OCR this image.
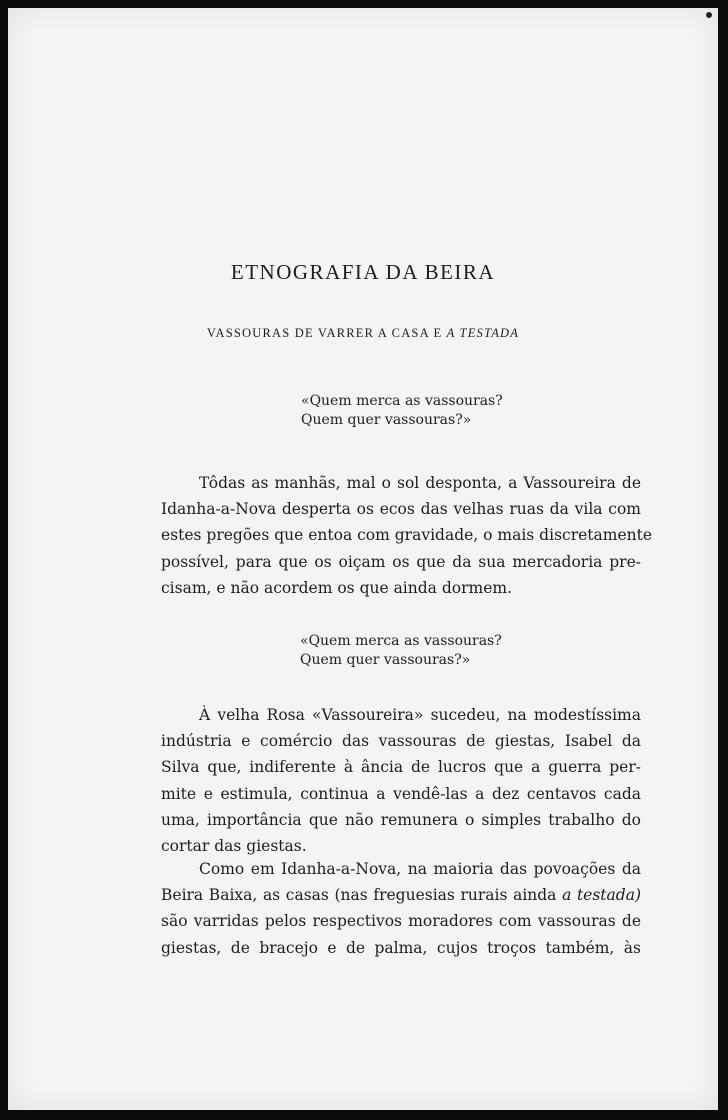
ETNOGRAFIA DA BEIRA
VASSOURAS DE VARRER A CASA E A TESTADA
«Quem merca as vassouras?
Quem quer vassouras?»
Tôdas as manhãs, mal o sol desponta, a Vassoureira de
Idanha-a-Nova desperta os ecos das velhas ruas da vila com
estes pregões que entoa com gravidade, o mais discretamente
possível, para que os oiçam os que da sua mercadoria pre-
cisam, e não acordem os que ainda dormem.
«Quem merca as vassouras?
Quem quer vassouras?»
À velha Rosa «Vassoureira» sucedeu, na modestíssima
indústria e comércio das vassouras de giestas, Isabel da
Silva que, indiferente à ância de lucros que a guerra per-
mite e estimula, continua a vendê-las a dez centavos cada
uma, importância que não remunera o simples trabalho do
cortar das giestas.
Como em Idanha-a-Nova, na maioria das povoações da
Beira Baixa, as casas (nas freguesias rurais ainda a testada)
são varridas pelos respectivos moradores com vassouras de
giestas, de bracejo e de palma, cujos troços também, às
